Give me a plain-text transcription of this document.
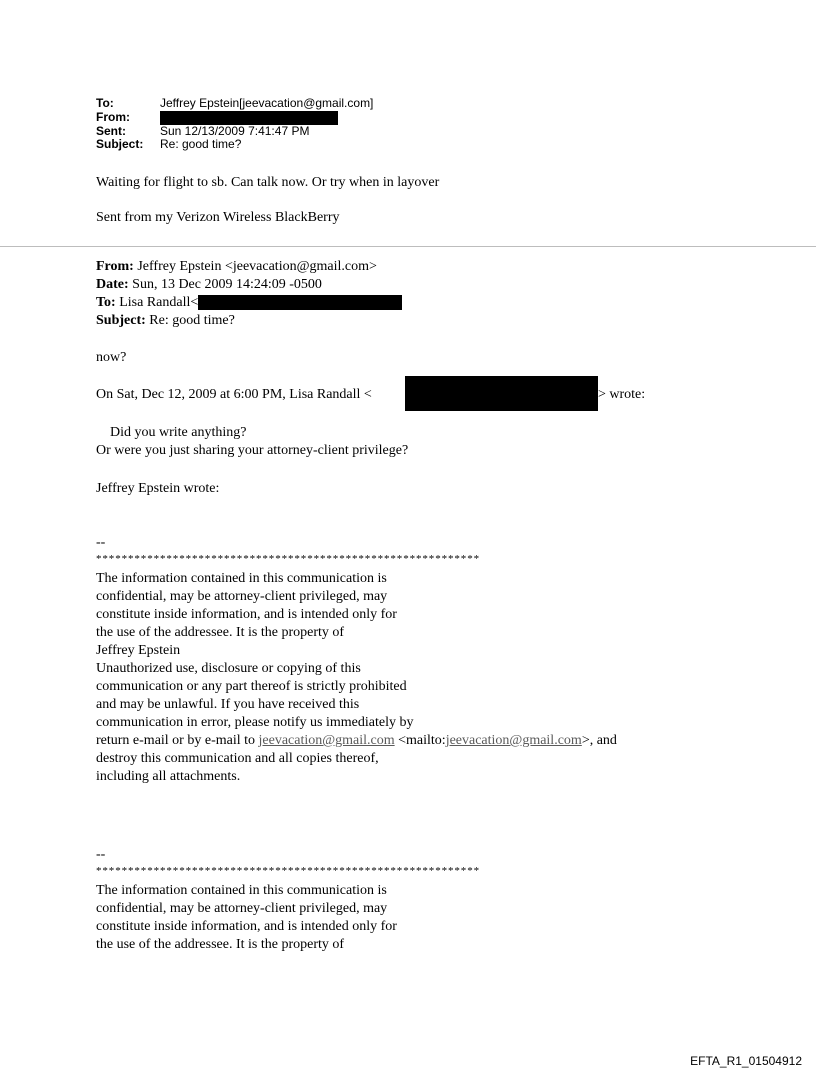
To:	Jeffrey Epstein[jeevacation@gmail.com]
From:
Sent:	Sun 12/13/2009 7:41:47 PM
Subject:	Re: good time?
Waiting for flight to sb. Can talk now. Or try when in layover
Sent from my Verizon Wireless BlackBerry
From: Jeffrey Epstein <jeevacation@gmail.com>
Date: Sun, 13 Dec 2009 14:24:09 -0500
To: Lisa Randall<
Subject: Re: good time?
now?
On Sat, Dec 12, 2009 at 6:00 PM, Lisa Randall <	> wrote:
Did you write anything?
Or were you just sharing your attorney-client privilege?
Jeffrey Epstein wrote:
--
************************************************************
The information contained in this communication is
confidential, may be attorney-client privileged, may
constitute inside information, and is intended only for
the use of the addressee. It is the property of
Jeffrey Epstein
Unauthorized use, disclosure or copying of this
communication or any part thereof is strictly prohibited
and may be unlawful. If you have received this
communication in error, please notify us immediately by
return e-mail or by e-mail to jeevacation@gmail.com <mailto:jeevacation@gmail.com>, and
destroy this communication and all copies thereof,
including all attachments.
--
************************************************************
The information contained in this communication is
confidential, may be attorney-client privileged, may
constitute inside information, and is intended only for
the use of the addressee. It is the property of
EFTA_R1_01504912
